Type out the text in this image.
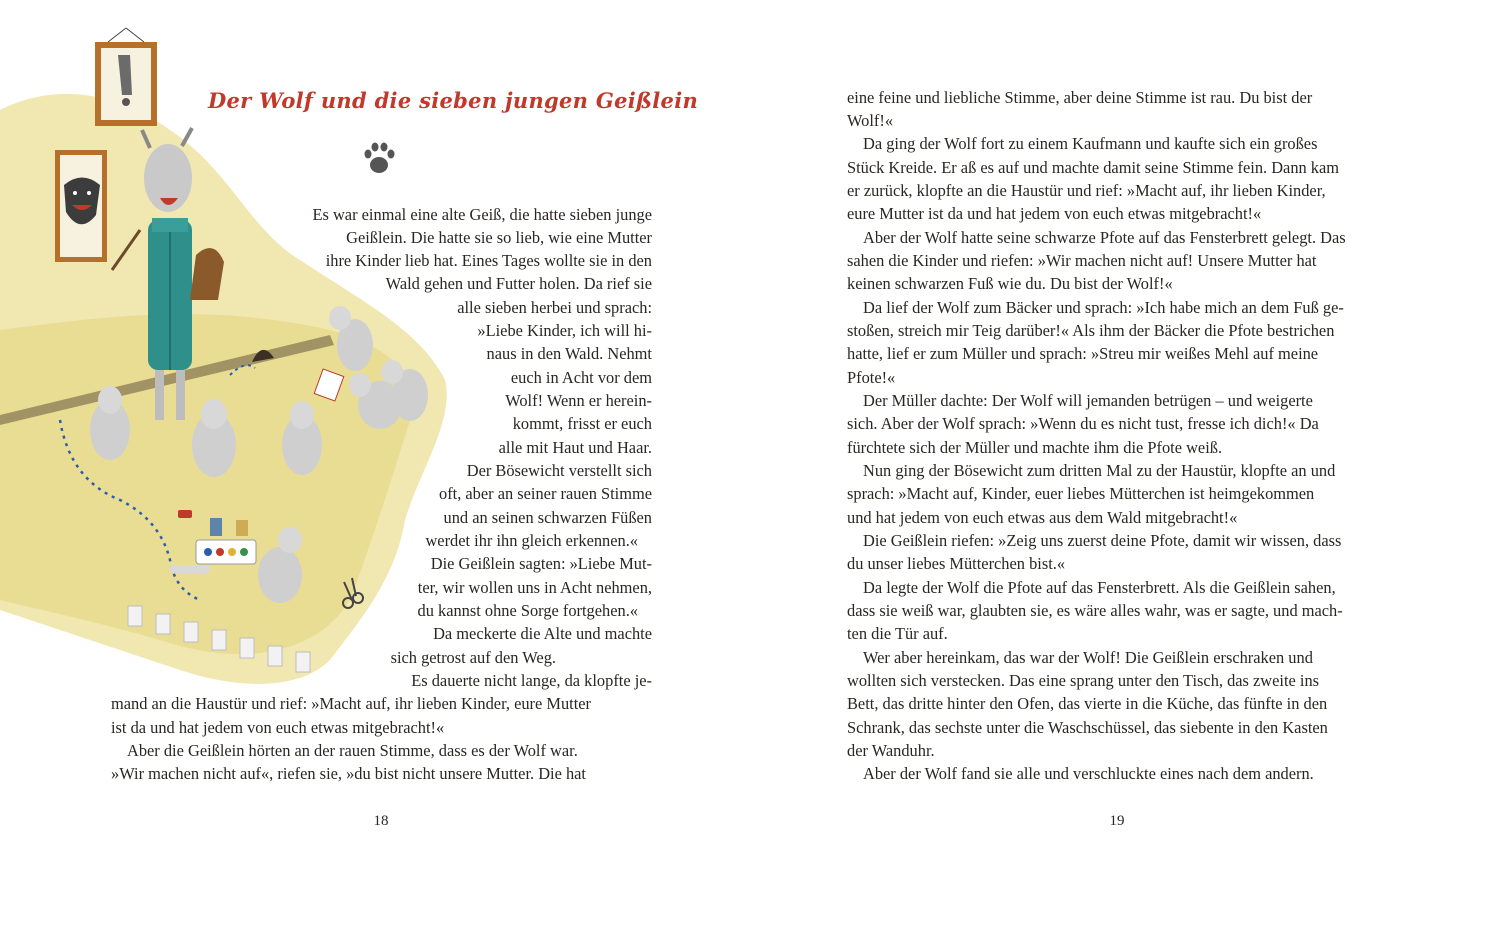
Der Wolf und die sieben jungen Geißlein
Es war einmal eine alte Geiß, die hatte sieben junge
Geißlein. Die hatte sie so lieb, wie eine Mutter
ihre Kinder lieb hat. Eines Tages wollte sie in den
Wald gehen und Futter holen. Da rief sie
alle sieben herbei und sprach:
»Liebe Kinder, ich will hi-
naus in den Wald. Nehmt
euch in Acht vor dem
Wolf! Wenn er herein-
kommt, frisst er euch
alle mit Haut und Haar.
Der Bösewicht verstellt sich
oft, aber an seiner rauen Stimme
und an seinen schwarzen Füßen
werdet ihr ihn gleich erkennen.«
Die Geißlein sagten: »Liebe Mut-
ter, wir wollen uns in Acht nehmen,
du kannst ohne Sorge fortgehen.«
Da meckerte die Alte und machte
sich getrost auf den Weg.
Es dauerte nicht lange, da klopfte je-
mand an die Haustür und rief: »Macht auf, ihr lieben Kinder, eure Mutter
ist da und hat jedem von euch etwas mitgebracht!«
Aber die Geißlein hörten an der rauen Stimme, dass es der Wolf war.
»Wir machen nicht auf«, riefen sie, »du bist nicht unsere Mutter. Die hat
18
eine feine und liebliche Stimme, aber deine Stimme ist rau. Du bist der
Wolf!«
Da ging der Wolf fort zu einem Kaufmann und kaufte sich ein großes
Stück Kreide. Er aß es auf und machte damit seine Stimme fein. Dann kam
er zurück, klopfte an die Haustür und rief: »Macht auf, ihr lieben Kinder,
eure Mutter ist da und hat jedem von euch etwas mitgebracht!«
Aber der Wolf hatte seine schwarze Pfote auf das Fensterbrett gelegt. Das
sahen die Kinder und riefen: »Wir machen nicht auf! Unsere Mutter hat
keinen schwarzen Fuß wie du. Du bist der Wolf!«
Da lief der Wolf zum Bäcker und sprach: »Ich habe mich an dem Fuß ge-
stoßen, streich mir Teig darüber!« Als ihm der Bäcker die Pfote bestrichen
hatte, lief er zum Müller und sprach: »Streu mir weißes Mehl auf meine
Pfote!«
Der Müller dachte: Der Wolf will jemanden betrügen – und weigerte
sich. Aber der Wolf sprach: »Wenn du es nicht tust, fresse ich dich!« Da
fürchtete sich der Müller und machte ihm die Pfote weiß.
Nun ging der Bösewicht zum dritten Mal zu der Haustür, klopfte an und
sprach: »Macht auf, Kinder, euer liebes Mütterchen ist heimgekommen
und hat jedem von euch etwas aus dem Wald mitgebracht!«
Die Geißlein riefen: »Zeig uns zuerst deine Pfote, damit wir wissen, dass
du unser liebes Mütterchen bist.«
Da legte der Wolf die Pfote auf das Fensterbrett. Als die Geißlein sahen,
dass sie weiß war, glaubten sie, es wäre alles wahr, was er sagte, und mach-
ten die Tür auf.
Wer aber hereinkam, das war der Wolf! Die Geißlein erschraken und
wollten sich verstecken. Das eine sprang unter den Tisch, das zweite ins
Bett, das dritte hinter den Ofen, das vierte in die Küche, das fünfte in den
Schrank, das sechste unter die Waschschüssel, das siebente in den Kasten
der Wanduhr.
Aber der Wolf fand sie alle und verschluckte eines nach dem andern.
19
